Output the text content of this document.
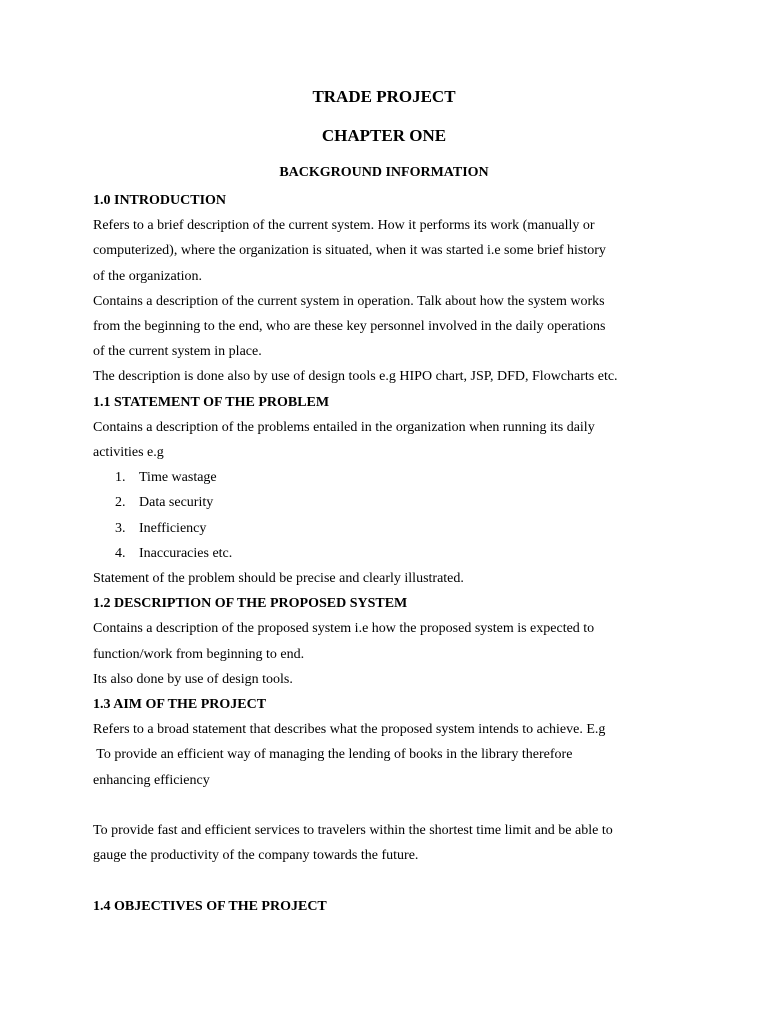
TRADE PROJECT
CHAPTER ONE
BACKGROUND INFORMATION

1.0 INTRODUCTION

Refers to a brief description of the current system. How it performs its work (manually or

computerized), where the organization is situated, when it was started i.e some brief history

of the organization.

Contains a description of the current system in operation. Talk about how the system works

from the beginning to the end, who are these key personnel involved in the daily operations

of the current system in place.

The description is done also by use of design tools e.g HIPO chart, JSP, DFD, Flowcharts etc.

1.1 STATEMENT OF THE PROBLEM

Contains a description of the problems entailed in the organization when running its daily

activities e.g

1. Time wastage

2. Data security

3. Inefficiency

4. Inaccuracies etc.

Statement of the problem should be precise and clearly illustrated.

1.2 DESCRIPTION OF THE PROPOSED SYSTEM

Contains a description of the proposed system i.e how the proposed system is expected to

function/work from beginning to end.

Its also done by use of design tools.

1.3 AIM OF THE PROJECT

Refers to a broad statement that describes what the proposed system intends to achieve. E.g

To provide an efficient way of managing the lending of books in the library therefore

enhancing efficiency

To provide fast and efficient services to travelers within the shortest time limit and be able to

gauge the productivity of the company towards the future.

1.4 OBJECTIVES OF THE PROJECT
